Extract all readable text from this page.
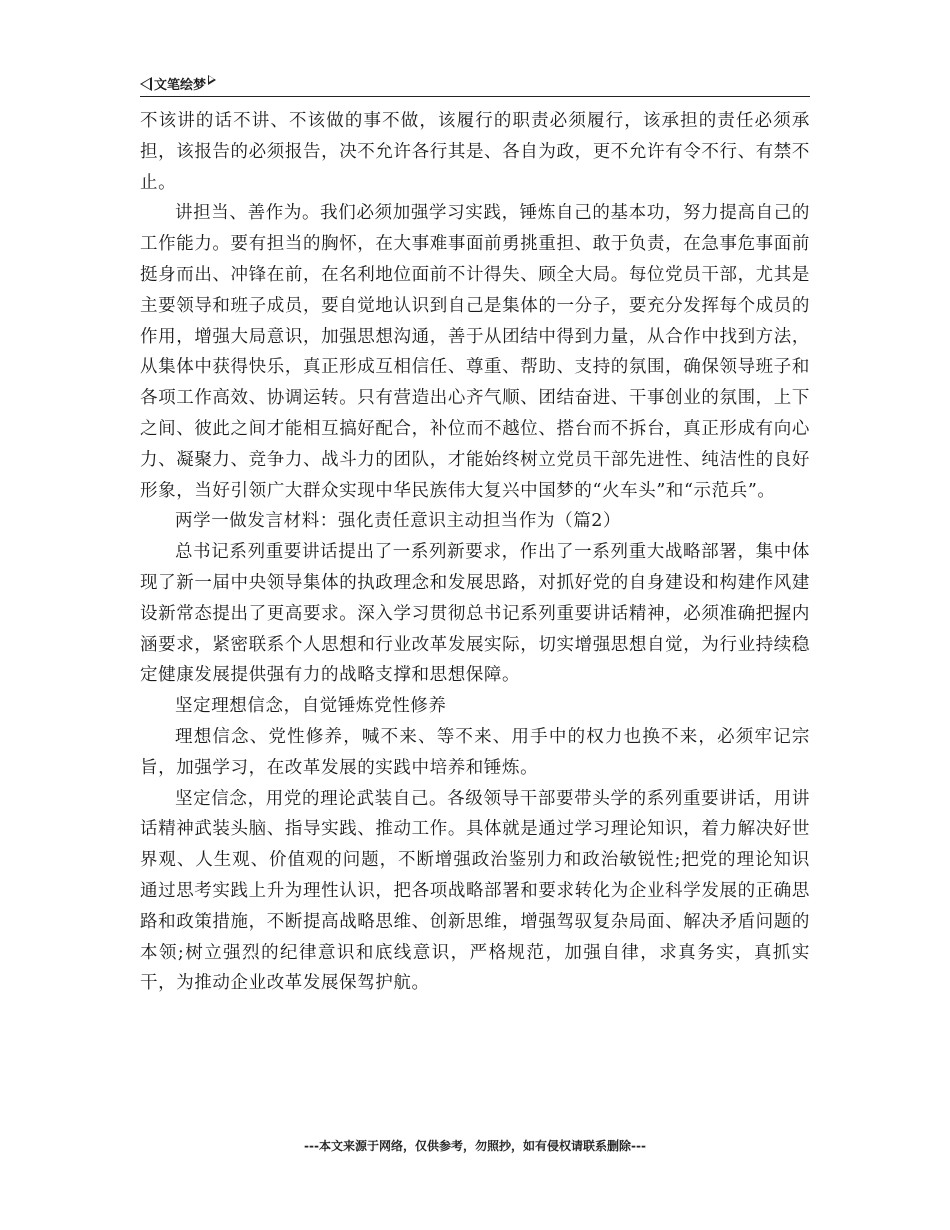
文笔绘梦

不该讲的话不讲、不该做的事不做，该履行的职责必须履行，该承担的责任必须承担，该报告的必须报告，决不允许各行其是、各自为政，更不允许有令不行、有禁不止。

讲担当、善作为。我们必须加强学习实践，锤炼自己的基本功，努力提高自己的工作能力。要有担当的胸怀，在大事难事面前勇挑重担、敢于负责，在急事危事面前挺身而出、冲锋在前，在名利地位面前不计得失、顾全大局。每位党员干部，尤其是主要领导和班子成员，要自觉地认识到自己是集体的一分子，要充分发挥每个成员的作用，增强大局意识，加强思想沟通，善于从团结中得到力量，从合作中找到方法，从集体中获得快乐，真正形成互相信任、尊重、帮助、支持的氛围，确保领导班子和各项工作高效、协调运转。只有营造出心齐气顺、团结奋进、干事创业的氛围，上下之间、彼此之间才能相互搞好配合，补位而不越位、搭台而不拆台，真正形成有向心力、凝聚力、竞争力、战斗力的团队，才能始终树立党员干部先进性、纯洁性的良好形象，当好引领广大群众实现中华民族伟大复兴中国梦的“火车头”和“示范兵”。

两学一做发言材料：强化责任意识主动担当作为（篇2）

总书记系列重要讲话提出了一系列新要求，作出了一系列重大战略部署，集中体现了新一届中央领导集体的执政理念和发展思路，对抓好党的自身建设和构建作风建设新常态提出了更高要求。深入学习贯彻总书记系列重要讲话精神，必须准确把握内涵要求，紧密联系个人思想和行业改革发展实际，切实增强思想自觉，为行业持续稳定健康发展提供强有力的战略支撑和思想保障。

坚定理想信念，自觉锤炼党性修养

理想信念、党性修养，喊不来、等不来、用手中的权力也换不来，必须牢记宗旨，加强学习，在改革发展的实践中培养和锤炼。

坚定信念，用党的理论武装自己。各级领导干部要带头学的系列重要讲话，用讲话精神武装头脑、指导实践、推动工作。具体就是通过学习理论知识，着力解决好世界观、人生观、价值观的问题，不断增强政治鉴别力和政治敏锐性;把党的理论知识通过思考实践上升为理性认识，把各项战略部署和要求转化为企业科学发展的正确思路和政策措施，不断提高战略思维、创新思维，增强驾驭复杂局面、解决矛盾问题的本领;树立强烈的纪律意识和底线意识，严格规范，加强自律，求真务实，真抓实干，为推动企业改革发展保驾护航。

---本文来源于网络，仅供参考，勿照抄，如有侵权请联系删除---
